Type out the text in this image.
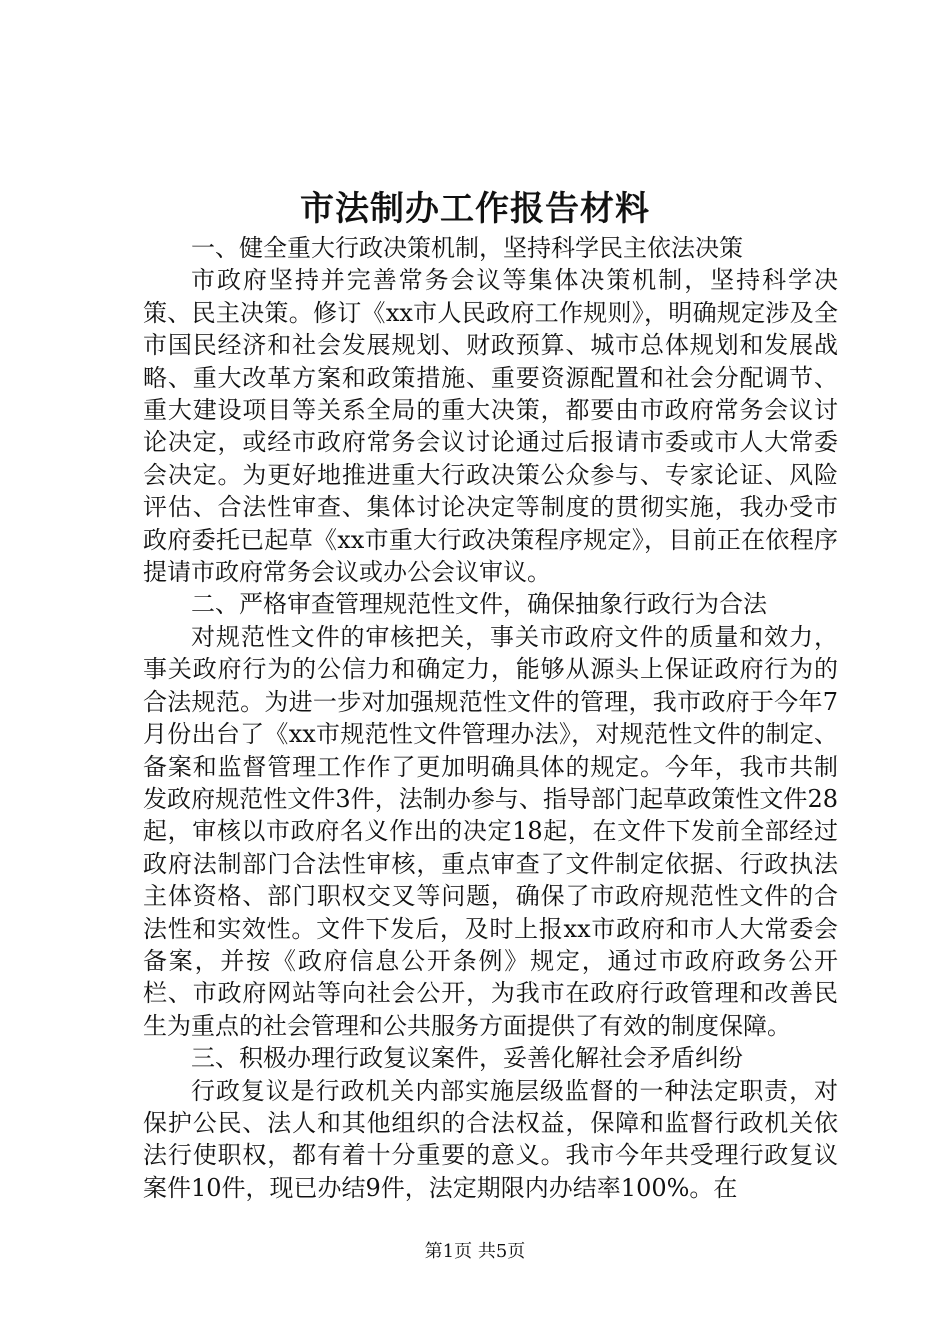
市法制办工作报告材料

一、健全重大行政决策机制，坚持科学民主依法决策

市政府坚持并完善常务会议等集体决策机制，坚持科学决策、民主决策。修订《xx市人民政府工作规则》，明确规定涉及全市国民经济和社会发展规划、财政预算、城市总体规划和发展战略、重大改革方案和政策措施、重要资源配置和社会分配调节、重大建设项目等关系全局的重大决策，都要由市政府常务会议讨论决定，或经市政府常务会议讨论通过后报请市委或市人大常委会决定。为更好地推进重大行政决策公众参与、专家论证、风险评估、合法性审查、集体讨论决定等制度的贯彻实施，我办受市政府委托已起草《xx市重大行政决策程序规定》，目前正在依程序提请市政府常务会议或办公会议审议。

二、严格审查管理规范性文件，确保抽象行政行为合法

对规范性文件的审核把关，事关市政府文件的质量和效力，事关政府行为的公信力和确定力，能够从源头上保证政府行为的合法规范。为进一步对加强规范性文件的管理，我市政府于今年7月份出台了《xx市规范性文件管理办法》，对规范性文件的制定、备案和监督管理工作作了更加明确具体的规定。今年，我市共制发政府规范性文件3件，法制办参与、指导部门起草政策性文件28起，审核以市政府名义作出的决定18起，在文件下发前全部经过政府法制部门合法性审核，重点审查了文件制定依据、行政执法主体资格、部门职权交叉等问题，确保了市政府规范性文件的合法性和实效性。文件下发后，及时上报xx市政府和市人大常委会备案，并按《政府信息公开条例》规定，通过市政府政务公开栏、市政府网站等向社会公开，为我市在政府行政管理和改善民生为重点的社会管理和公共服务方面提供了有效的制度保障。

三、积极办理行政复议案件，妥善化解社会矛盾纠纷

行政复议是行政机关内部实施层级监督的一种法定职责，对保护公民、法人和其他组织的合法权益，保障和监督行政机关依法行使职权，都有着十分重要的意义。我市今年共受理行政复议案件10件，现已办结9件，法定期限内办结率100%。在

第1页 共5页
